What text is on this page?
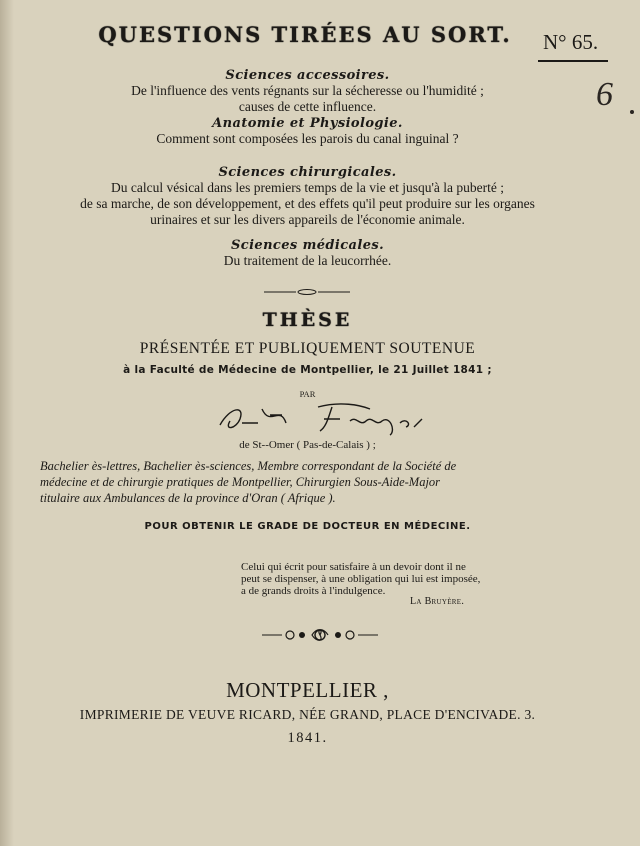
QUESTIONS TIRÉES AU SORT.	N° 65.
6
Sciences accessoires.
De l'influence des vents régnants sur la sécheresse ou l'humidité ;
causes de cette influence.
Anatomie et Physiologie.
Comment sont composées les parois du canal inguinal ?
Sciences chirurgicales.
Du calcul vésical dans les premiers temps de la vie et jusqu'à la puberté ;
de sa marche, de son développement, et des effets qu'il peut produire sur les organes
urinaires et sur les divers appareils de l'économie animale.
Sciences médicales.
Du traitement de la leucorrhée.
THÈSE
PRÉSENTÉE ET PUBLIQUEMENT SOUTENUE
à la Faculté de Médecine de Montpellier, le 21 Juillet 1841 ;
PAR
de St--Omer ( Pas-de-Calais ) ;
Bachelier ès-lettres, Bachelier ès-sciences, Membre correspondant de la Société de
médecine et de chirurgie pratiques de Montpellier, Chirurgien Sous-Aide-Major
titulaire aux Ambulances de la province d'Oran ( Afrique ).
POUR OBTENIR LE GRADE DE DOCTEUR EN MÉDECINE.
Celui qui écrit pour satisfaire à un devoir dont il ne
peut se dispenser, à une obligation qui lui est imposée,
a de grands droits à l'indulgence.
La Bruyère.
MONTPELLIER ,
IMPRIMERIE DE VEUVE RICARD, NÉE GRAND, PLACE D'ENCIVADE. 3.
1841.
